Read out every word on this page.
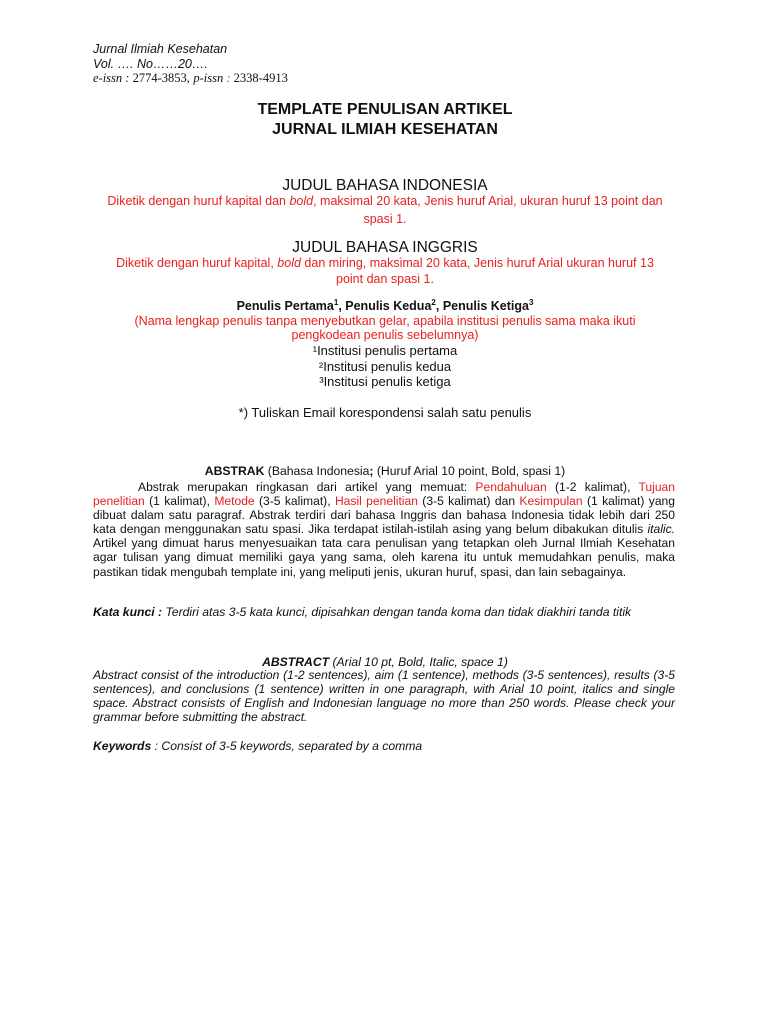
Jurnal Ilmiah Kesehatan
Vol. …. No……20….
e-issn : 2774-3853, p-issn : 2338-4913
TEMPLATE PENULISAN ARTIKEL
JURNAL ILMIAH KESEHATAN
JUDUL BAHASA INDONESIA
Diketik dengan huruf kapital dan bold, maksimal 20 kata, Jenis huruf Arial, ukuran huruf 13 point dan
spasi 1.
JUDUL BAHASA INGGRIS
Diketik dengan huruf kapital, bold dan miring, maksimal 20 kata, Jenis huruf Arial ukuran huruf 13
point dan spasi 1.
Penulis Pertama$^1$, Penulis Kedua$^2$, Penulis Ketiga$^3$
(Nama lengkap penulis tanpa menyebutkan gelar, apabila institusi penulis sama maka ikuti
pengkodean penulis sebelumnya)
¹Institusi penulis pertama
²Institusi penulis kedua
³Institusi penulis ketiga
*) Tuliskan Email korespondensi salah satu penulis
ABSTRAK (Bahasa Indonesia; (Huruf Arial 10 point, Bold, spasi 1)
Abstrak merupakan ringkasan dari artikel yang memuat: Pendahuluan (1-2 kalimat), Tujuan penelitian (1 kalimat), Metode (3-5 kalimat), Hasil penelitian (3-5 kalimat) dan Kesimpulan (1 kalimat) yang dibuat dalam satu paragraf. Abstrak terdiri dari bahasa Inggris dan bahasa Indonesia tidak lebih dari 250 kata dengan menggunakan satu spasi. Jika terdapat istilah-istilah asing yang belum dibakukan ditulis italic. Artikel yang dimuat harus menyesuaikan tata cara penulisan yang tetapkan oleh Jurnal Ilmiah Kesehatan agar tulisan yang dimuat memiliki gaya yang sama, oleh karena itu untuk memudahkan penulis, maka pastikan tidak mengubah template ini, yang meliputi jenis, ukuran huruf, spasi, dan lain sebagainya.
Kata kunci : Terdiri atas 3-5 kata kunci, dipisahkan dengan tanda koma dan tidak diakhiri tanda titik
ABSTRACT (Arial 10 pt, Bold, Italic, space 1)
Abstract consist of the introduction (1-2 sentences), aim (1 sentence), methods (3-5 sentences), results (3-5 sentences), and conclusions (1 sentence) written in one paragraph, with Arial 10 point, italics and single space. Abstract consists of English and Indonesian language no more than 250 words. Please check your grammar before submitting the abstract.
Keywords : Consist of 3-5 keywords, separated by a comma
